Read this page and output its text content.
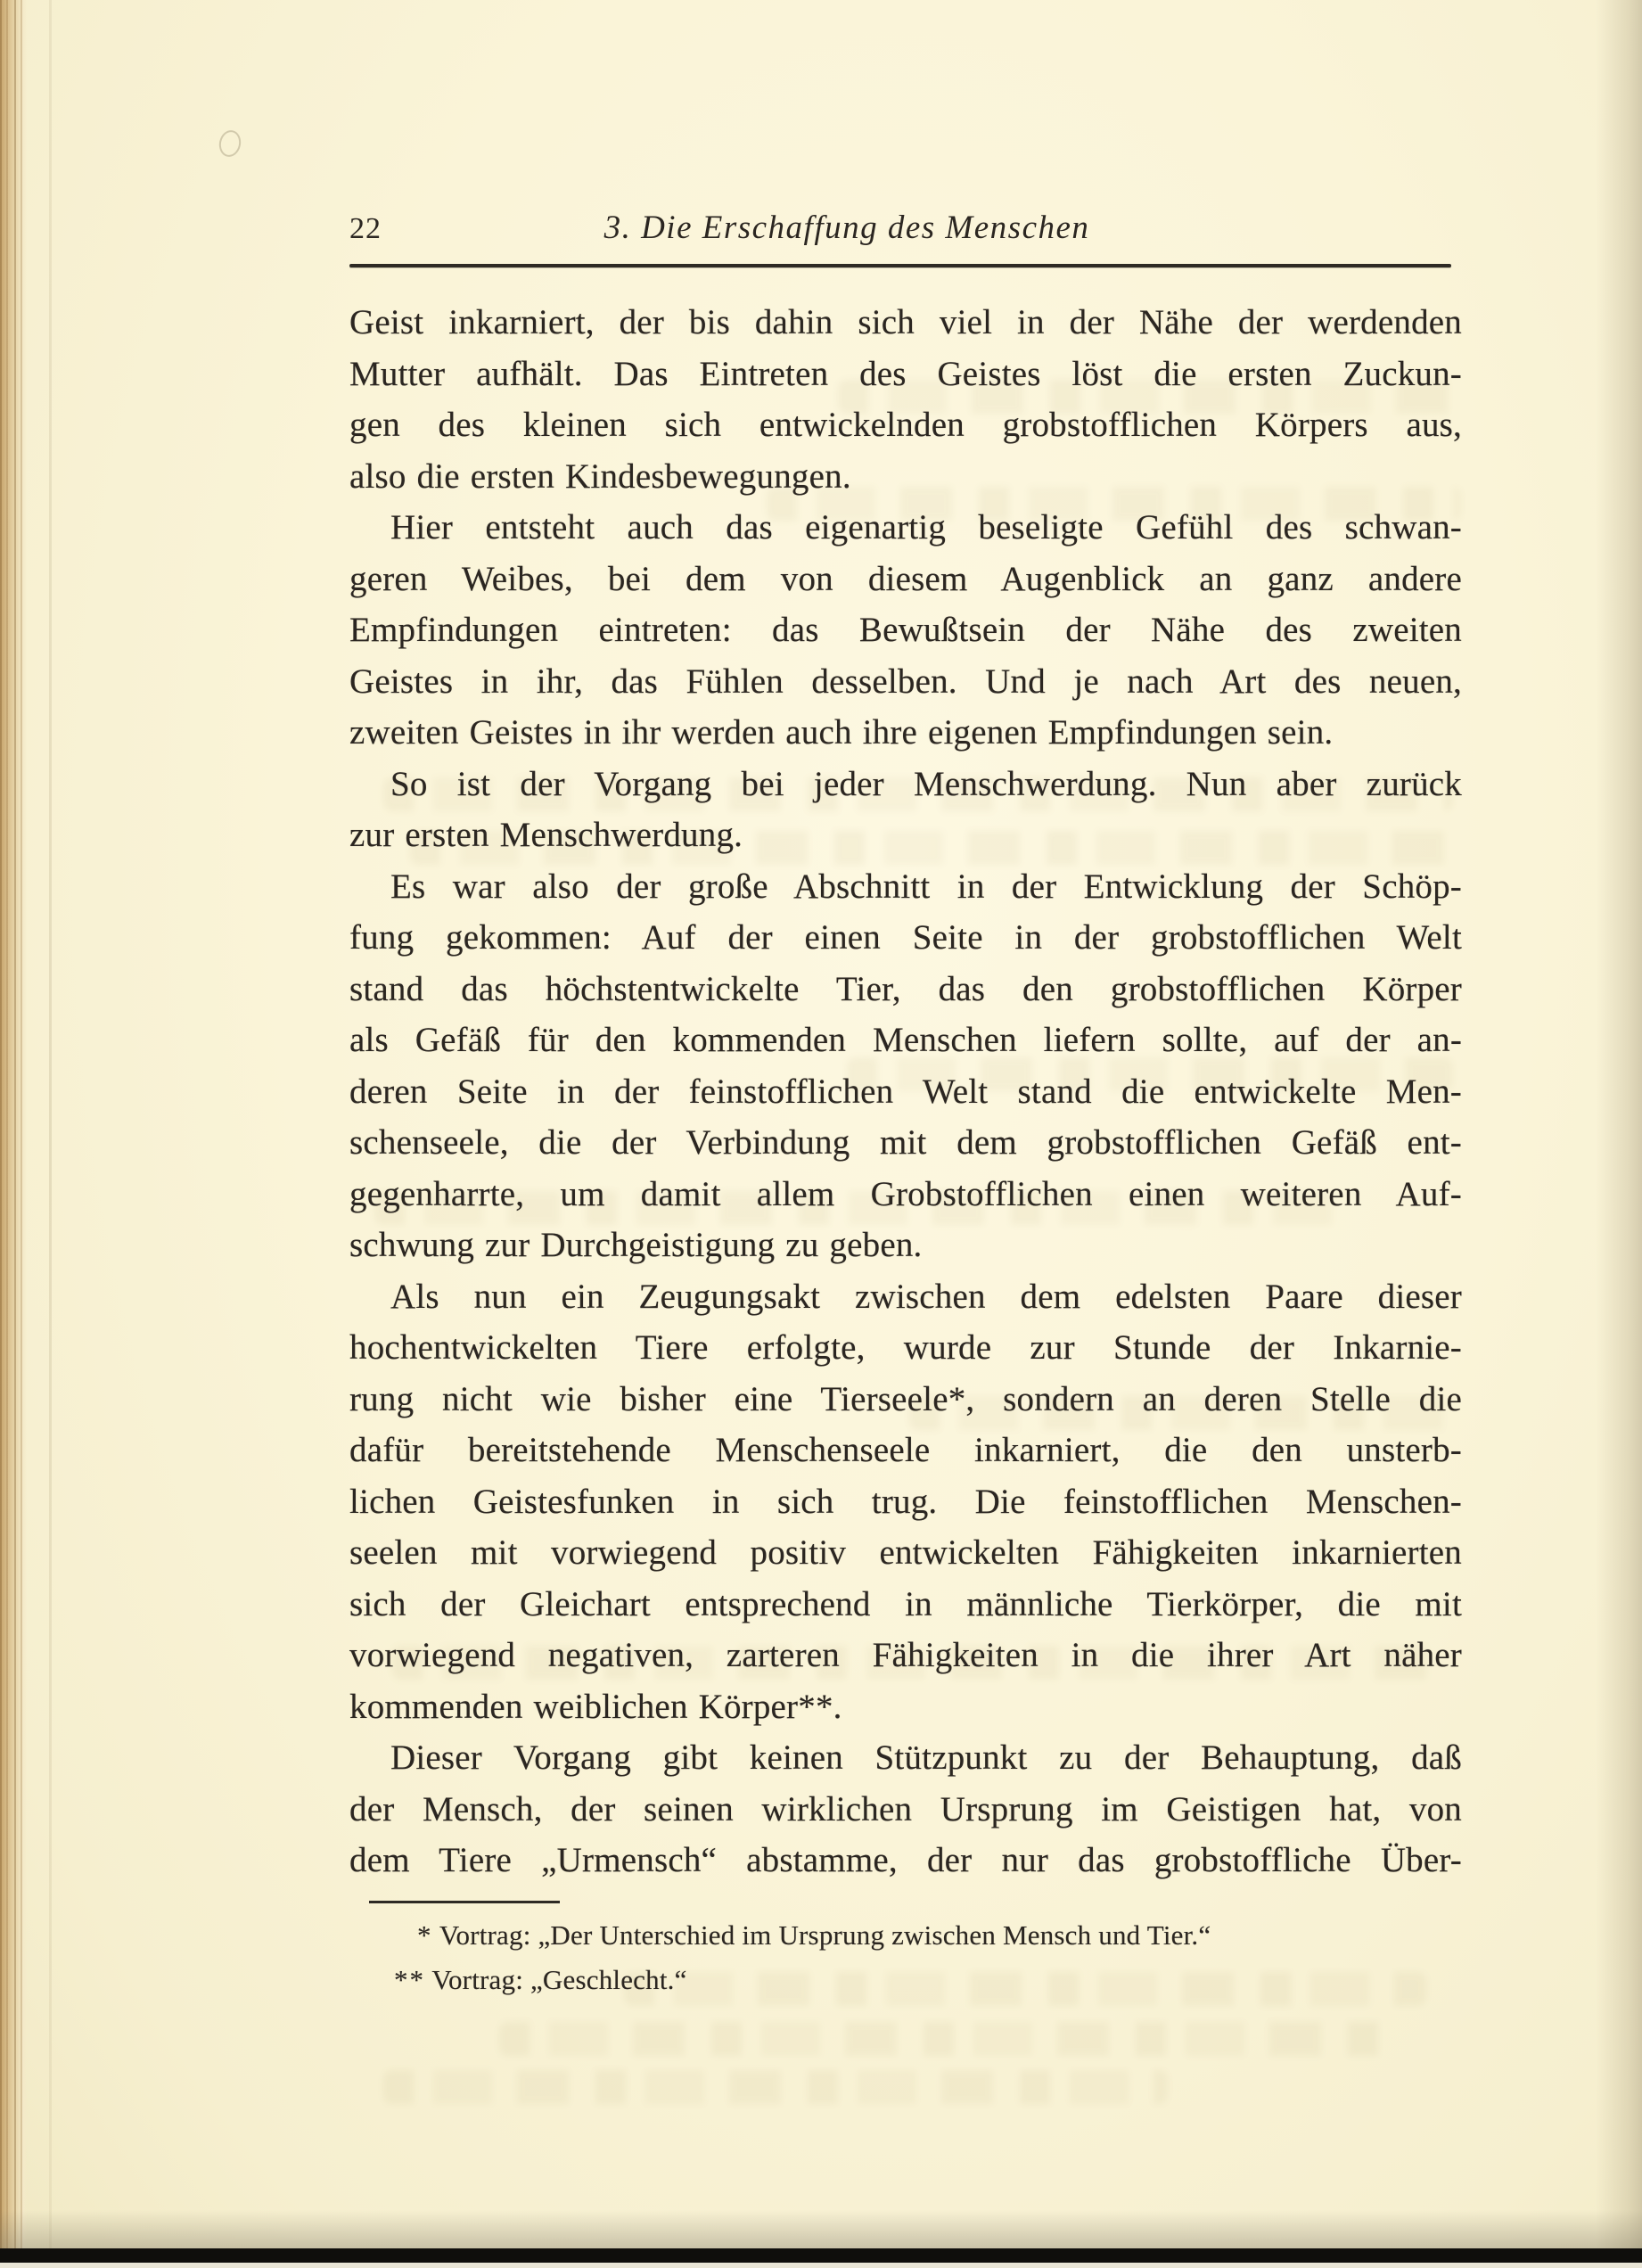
22	3. Die Erschaffung des Menschen
Geist inkarniert, der bis dahin sich viel in der Nähe der werdenden
Mutter aufhält. Das Eintreten des Geistes löst die ersten Zuckun-
gen des kleinen sich entwickelnden grobstofflichen Körpers aus,
also die ersten Kindesbewegungen.
Hier entsteht auch das eigenartig beseligte Gefühl des schwan-
geren Weibes, bei dem von diesem Augenblick an ganz andere
Empfindungen eintreten: das Bewußtsein der Nähe des zweiten
Geistes in ihr, das Fühlen desselben. Und je nach Art des neuen,
zweiten Geistes in ihr werden auch ihre eigenen Empfindungen sein.
So ist der Vorgang bei jeder Menschwerdung. Nun aber zurück
zur ersten Menschwerdung.
Es war also der große Abschnitt in der Entwicklung der Schöp-
fung gekommen: Auf der einen Seite in der grobstofflichen Welt
stand das höchstentwickelte Tier, das den grobstofflichen Körper
als Gefäß für den kommenden Menschen liefern sollte, auf der an-
deren Seite in der feinstofflichen Welt stand die entwickelte Men-
schenseele, die der Verbindung mit dem grobstofflichen Gefäß ent-
gegenharrte, um damit allem Grobstofflichen einen weiteren Auf-
schwung zur Durchgeistigung zu geben.
Als nun ein Zeugungsakt zwischen dem edelsten Paare dieser
hochentwickelten Tiere erfolgte, wurde zur Stunde der Inkarnie-
rung nicht wie bisher eine Tierseele*, sondern an deren Stelle die
dafür bereitstehende Menschenseele inkarniert, die den unsterb-
lichen Geistesfunken in sich trug. Die feinstofflichen Menschen-
seelen mit vorwiegend positiv entwickelten Fähigkeiten inkarnierten
sich der Gleichart entsprechend in männliche Tierkörper, die mit
vorwiegend negativen, zarteren Fähigkeiten in die ihrer Art näher
kommenden weiblichen Körper**.
Dieser Vorgang gibt keinen Stützpunkt zu der Behauptung, daß
der Mensch, der seinen wirklichen Ursprung im Geistigen hat, von
dem Tiere „Urmensch“ abstamme, der nur das grobstoffliche Über-
* Vortrag: „Der Unterschied im Ursprung zwischen Mensch und Tier.“
** Vortrag: „Geschlecht.“
